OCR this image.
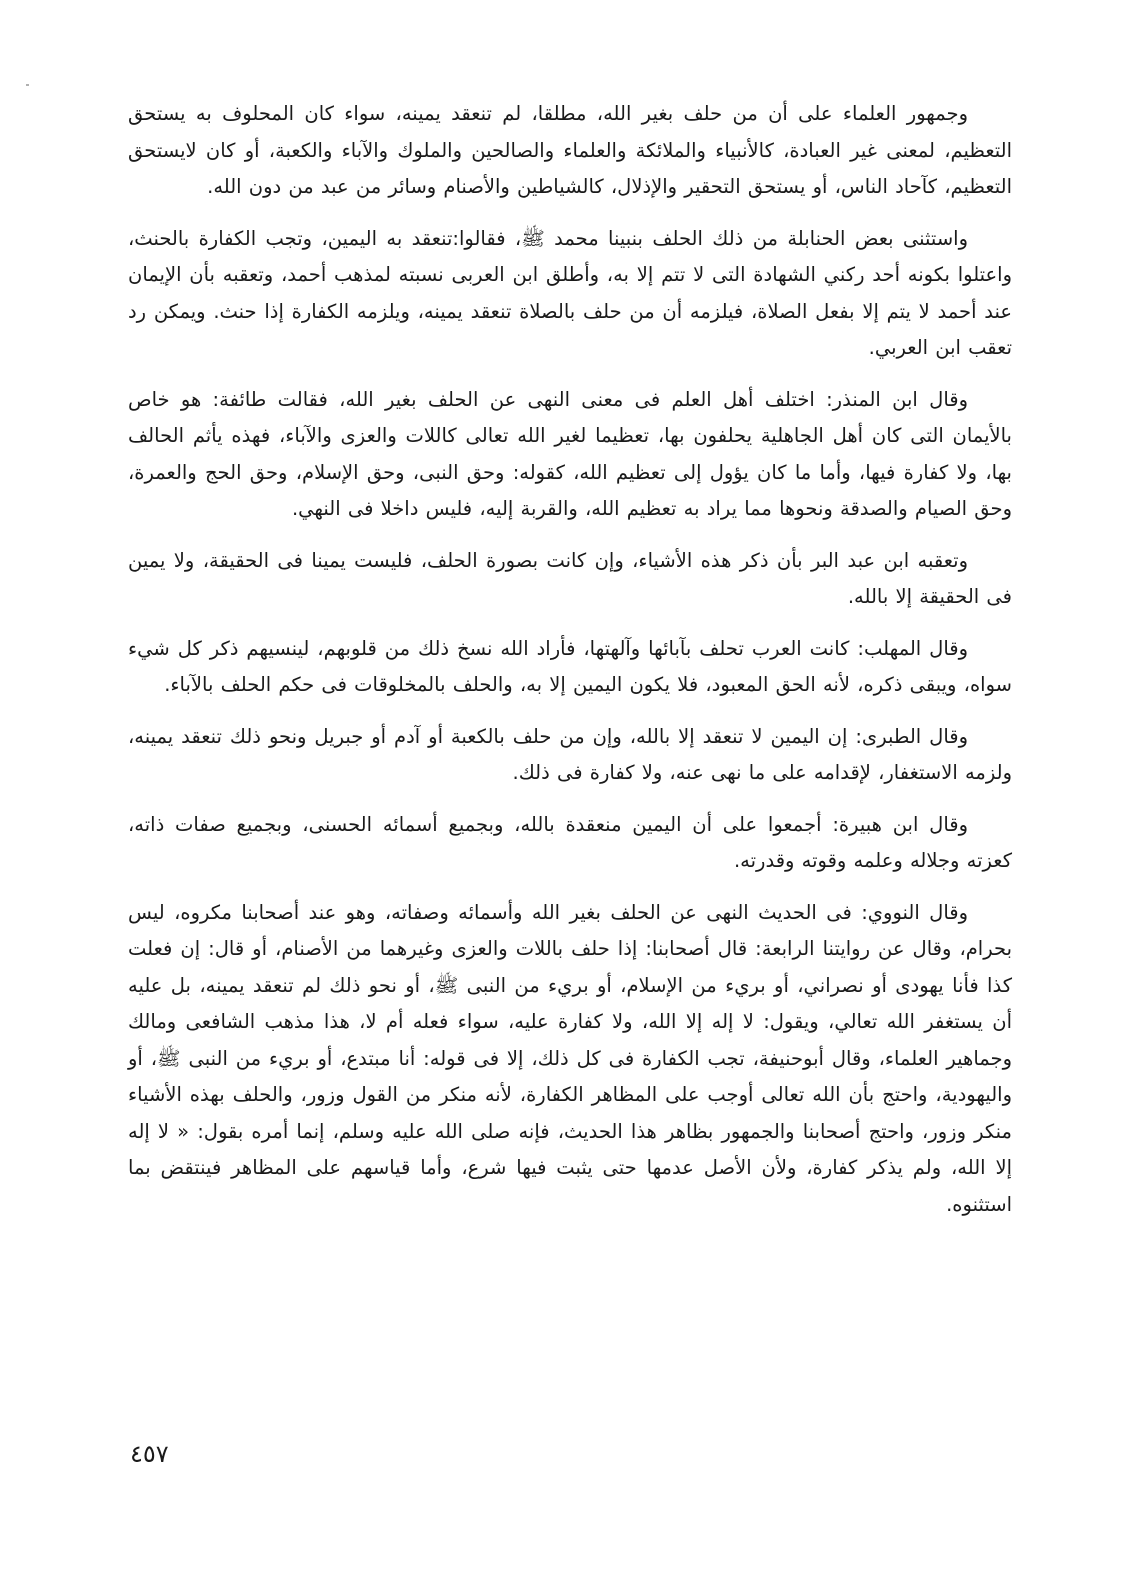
وجمهور العلماء على أن من حلف بغير الله، مطلقا، لم تنعقد يمينه، سواء كان المحلوف به يستحق التعظيم، لمعنى غير العبادة، كالأنبياء والملائكة والعلماء والصالحين والملوك والآباء والكعبة، أو كان لايستحق التعظيم، كآحاد الناس، أو يستحق التحقير والإذلال، كالشياطين والأصنام وسائر من عبد من دون الله.

واستثنى بعض الحنابلة من ذلك الحلف بنبينا محمد ﷺ، فقالوا:تنعقد به اليمين، وتجب الكفارة بالحنث، واعتلوا بكونه أحد ركني الشهادة التى لا تتم إلا به، وأطلق ابن العربى نسبته لمذهب أحمد، وتعقبه بأن الإيمان عند أحمد لا يتم إلا بفعل الصلاة، فيلزمه أن من حلف بالصلاة تنعقد يمينه، ويلزمه الكفارة إذا حنث. ويمكن رد تعقب ابن العربي.

وقال ابن المنذر: اختلف أهل العلم فى معنى النهى عن الحلف بغير الله، فقالت طائفة: هو خاص بالأيمان التى كان أهل الجاهلية يحلفون بها، تعظيما لغير الله تعالى كاللات والعزى والآباء، فهذه يأثم الحالف بها، ولا كفارة فيها، وأما ما كان يؤول إلى تعظيم الله، كقوله: وحق النبى، وحق الإسلام، وحق الحج والعمرة، وحق الصيام والصدقة ونحوها مما يراد به تعظيم الله، والقربة إليه، فليس داخلا فى النهي.

وتعقبه ابن عبد البر بأن ذكر هذه الأشياء، وإن كانت بصورة الحلف، فليست يمينا فى الحقيقة، ولا يمين فى الحقيقة إلا بالله.

وقال المهلب: كانت العرب تحلف بآبائها وآلهتها، فأراد الله نسخ ذلك من قلوبهم، لينسيهم ذكر كل شيء سواه، ويبقى ذكره، لأنه الحق المعبود، فلا يكون اليمين إلا به، والحلف بالمخلوقات فى حكم الحلف بالآباء.

وقال الطبرى: إن اليمين لا تنعقد إلا بالله، وإن من حلف بالكعبة أو آدم أو جبريل ونحو ذلك تنعقد يمينه، ولزمه الاستغفار، لإقدامه على ما نهى عنه، ولا كفارة فى ذلك.

وقال ابن هبيرة: أجمعوا على أن اليمين منعقدة بالله، وبجميع أسمائه الحسنى، وبجميع صفات ذاته، كعزته وجلاله وعلمه وقوته وقدرته.

وقال النووي: فى الحديث النهى عن الحلف بغير الله وأسمائه وصفاته، وهو عند أصحابنا مكروه، ليس بحرام، وقال عن روايتنا الرابعة: قال أصحابنا: إذا حلف باللات والعزى وغيرهما من الأصنام، أو قال: إن فعلت كذا فأنا يهودى أو نصراني، أو بريء من الإسلام، أو بريء من النبى ﷺ، أو نحو ذلك لم تنعقد يمينه، بل عليه أن يستغفر الله تعالي، ويقول: لا إله إلا الله، ولا كفارة عليه، سواء فعله أم لا، هذا مذهب الشافعى ومالك وجماهير العلماء، وقال أبوحنيفة، تجب الكفارة فى كل ذلك، إلا فى قوله: أنا مبتدع، أو بريء من النبى ﷺ، أو واليهودية، واحتج بأن الله تعالى أوجب على المظاهر الكفارة، لأنه منكر من القول وزور، والحلف بهذه الأشياء منكر وزور، واحتج أصحابنا والجمهور بظاهر هذا الحديث، فإنه صلى الله عليه وسلم، إنما أمره بقول: « لا إله إلا الله، ولم يذكر كفارة، ولأن الأصل عدمها حتى يثبت فيها شرع، وأما قياسهم على المظاهر فينتقض بما استثنوه.

٤٥٧
